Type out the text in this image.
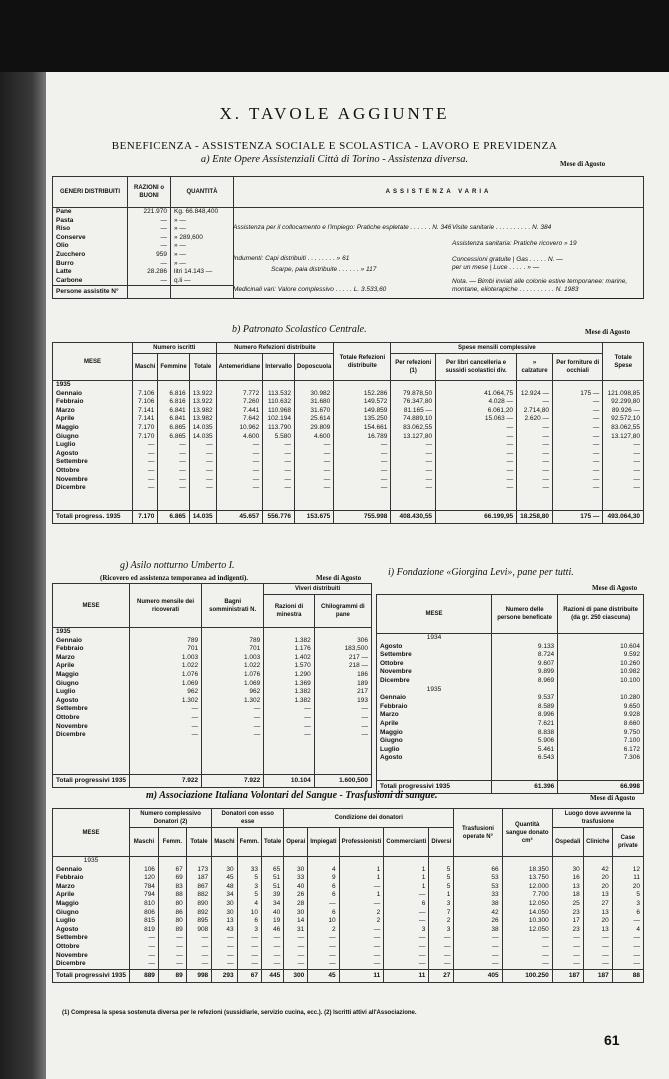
X. TAVOLE AGGIUNTE
BENEFICENZA - ASSISTENZA SOCIALE E SCOLASTICA - LAVORO E PREVIDENZA
a) Ente Opere Assistenziali Città di Torino - Assistenza diversa.	Mese di Agosto
GENERI DISTRIBUITI	RAZIONI o BUONI	QUANTITÀ	ASSISTENZA VARIA
Pane	221.970	Kg. 66.848,400	
Pasta	—	» —	
Riso	—	» —	
Conserve	—	» 289,600	
Olio	—	» —	
Zucchero	959	» —	
Burro	—	» —	
Latte	28.286	litri 14.143 —	
Carbone	—	q.li —	
Persone assistite N°			
Assistenza per il collocamento e l'impiego: Pratiche espletate . . . . . . N. 346
Indumenti: Capi distribuiti . . . . . . . . » 61
Scarpe, paia distribuite . . . . . . » 117
Medicinali vari: Valore complessivo . . . . . L. 3.533,60
Visite sanitarie . . . . . . . . . . N. 384
Assistenza sanitaria: Pratiche ricovero » 19
Concessioni gratuite | Gas . . . . . N. —
per un mese | Luce . . . . . » —
Nota. — Bimbi inviati alle colonie estive temporanee: marine, montane, elioterapiche . . . . . . . . . . N. 1983
b) Patronato Scolastico Centrale.	Mese di Agosto
MESE	Numero iscritti			Numero Refezioni distribuite			Totale Refezioni distribuite	Spese mensili complessive				Totale Spese
	Maschi	Femmine	Totale	Antemeridiane	Intervallo	Doposcuola		Per refezioni (1)	Per libri cancelleria e sussidi scolastici div.	» calzature	Per forniture di occhiali	
1935												
Gennaio	7.106	6.816	13.922	7.772	113.532	30.982	152.286	79.878,50	41.064,75	12.924 —	175 —	121.098,85
Febbraio	7.106	6.816	13.922	7.260	110.632	31.680	149.572	76.347,80	4.028 —	—	—	92.299,80
Marzo	7.141	6.841	13.982	7.441	110.968	31.670	149.859	81.165 —	6.061,20	2.714,80	—	89.926 —
Aprile	7.141	6.841	13.982	7.642	102.194	25.614	135.250	74.889,10	15.063 —	2.620 —	—	92.572,10
Maggio	7.170	6.865	14.035	10.962	113.790	29.809	154.661	83.062,55	—	—	—	83.062,55
Giugno	7.170	6.865	14.035	4.600	5.580	4.600	16.789	13.127,80	—	—	—	13.127,80
Luglio	—	—	—	—	—	—	—	—	—	—	—	—
Agosto	—	—	—	—	—	—	—	—	—	—	—	—
Settembre	—	—	—	—	—	—	—	—	—	—	—	—
Ottobre	—	—	—	—	—	—	—	—	—	—	—	—
Novembre	—	—	—	—	—	—	—	—	—	—	—	—
Dicembre	—	—	—	—	—	—	—	—	—	—	—	—

Totali progress. 1935	7.170	6.865	14.035	45.657	556.776	153.675	755.998	408.430,55	66.199,95	18.258,80	175 —	493.064,30
g) Asilo notturno Umberto I.
(Ricovero ed assistenza temporanea ad indigenti).	Mese di Agosto
MESE	Numero mensile dei ricoverati	Bagni somministrati N.	Viveri distribuiti	
			Razioni di minestra	Chilogrammi di pane
1935				
Gennaio	789	789	1.382	306
Febbraio	701	701	1.176	183,500
Marzo	1.003	1.003	1.402	217 —
Aprile	1.022	1.022	1.570	218 —
Maggio	1.076	1.076	1.290	186
Giugno	1.069	1.069	1.369	189
Luglio	962	962	1.382	217
Agosto	1.302	1.302	1.382	193
Settembre	—	—	—	—
Ottobre	—	—	—	—
Novembre	—	—	—	—
Dicembre	—	—	—	—

Totali progressivi 1935	7.922	7.922	10.104	1.600,500
i) Fondazione «Giorgina Levi», pane per tutti.
Mese di Agosto
MESE	Numero delle persone beneficate	Razioni di pane distribuite (da gr. 250 ciascuna)
1934		
Agosto	9.133	10.604
Settembre	8.724	9.592
Ottobre	9.607	10.260
Novembre	9.899	10.982
Dicembre	8.969	10.100
1935		
Gennaio	9.537	10.280
Febbraio	8.589	9.650
Marzo	8.996	9.928
Aprile	7.621	8.660
Maggio	8.838	9.750
Giugno	5.906	7.100
Luglio	5.461	6.172
Agosto	6.543	7.306

Totali progressivi 1935	61.396	66.998
m) Associazione Italiana Volontari del Sangue - Trasfusioni di sangue.	Mese di Agosto
MESE	Numero complessivo Donatori (2)			Donatori con esso esse			Condizione dei donatori					Trasfusioni operate N°	Quantità sangue donato cm³	Luogo dove avvenne la trasfusione		
	Maschi	Femm.	Totale	Maschi	Femm.	Totale	Operai	Impiegati	Professionisti	Commercianti	Diversi			Ospedali	Cliniche	Case private
1935																
Gennaio	106	67	173	30	33	65	30	4	1	1	5	66	18.350	30	42	12
Febbraio	120	69	187	45	5	51	33	9	1	1	5	53	13.750	16	20	11
Marzo	784	83	867	48	3	51	40	6	—	1	5	53	12.000	13	20	20
Aprile	794	88	882	34	5	39	26	6	1	—	1	33	7.700	18	13	5
Maggio	810	80	890	30	4	34	28	—	—	6	3	38	12.050	25	27	3
Giugno	806	86	892	30	10	40	30	6	2	—	7	42	14.050	23	13	6
Luglio	815	80	895	13	6	19	14	10	2	—	2	26	10.300	17	20	—
Agosto	819	89	908	43	3	46	31	2	—	3	3	38	12.050	23	13	4
Settembre	—	—	—	—	—	—	—	—	—	—	—	—	—	—	—	—
Ottobre	—	—	—	—	—	—	—	—	—	—	—	—	—	—	—	—
Novembre	—	—	—	—	—	—	—	—	—	—	—	—	—	—	—	—
Dicembre	—	—	—	—	—	—	—	—	—	—	—	—	—	—	—	—
Totali progressivi 1935	889	89	998	293	67	445	300	45	11	11	27	405	100.250	187	187	88
(1) Compresa la spesa sostenuta diversa per le refezioni (sussidiarie, servizio cucina, ecc.). (2) Iscritti attivi all'Associazione.
61
